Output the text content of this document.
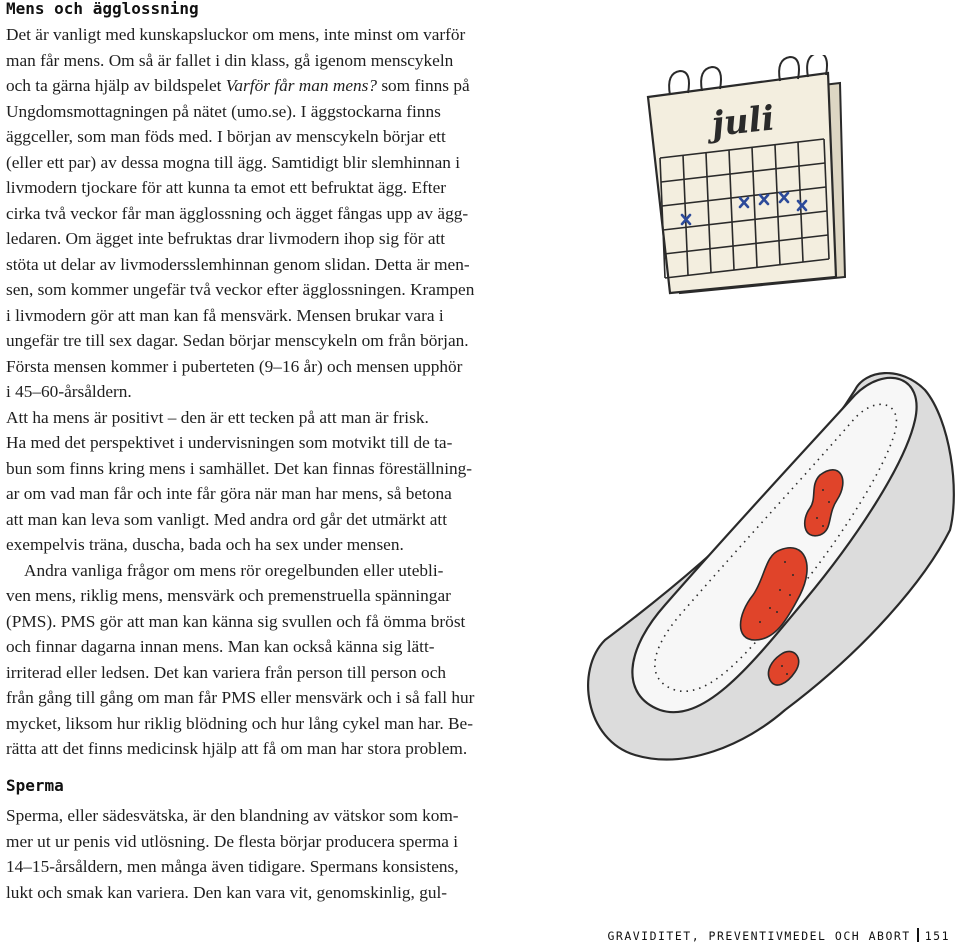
Mens och ägglossning
Det är vanligt med kunskapsluckor om mens, inte minst om varför
man får mens. Om så är fallet i din klass, gå igenom menscykeln
och ta gärna hjälp av bildspelet Varför får man mens? som finns på
Ungdomsmottagningen på nätet (umo.se). I äggstockarna finns
äggceller, som man föds med. I början av menscykeln börjar ett
(eller ett par) av dessa mogna till ägg. Samtidigt blir slemhinnan i
livmodern tjockare för att kunna ta emot ett befruktat ägg. Efter
cirka två veckor får man ägglossning och ägget fångas upp av ägg-
ledaren. Om ägget inte befruktas drar livmodern ihop sig för att
stöta ut delar av livmodersslemhinnan genom slidan. Detta är men-
sen, som kommer ungefär två veckor efter ägglossningen. Krampen
i livmodern gör att man kan få mensvärk. Mensen brukar vara i
ungefär tre till sex dagar. Sedan börjar menscykeln om från början.
Första mensen kommer i puberteten (9–16 år) och mensen upphör
i 45–60-årsåldern.
Att ha mens är positivt – den är ett tecken på att man är frisk.
Ha med det perspektivet i undervisningen som motvikt till de ta-
bun som finns kring mens i samhället. Det kan finnas föreställning-
ar om vad man får och inte får göra när man har mens, så betona
att man kan leva som vanligt. Med andra ord går det utmärkt att
exempelvis träna, duscha, bada och ha sex under mensen.
Andra vanliga frågor om mens rör oregelbunden eller utebli-
ven mens, riklig mens, mensvärk och premenstruella spänningar
(PMS). PMS gör att man kan känna sig svullen och få ömma bröst
och finnar dagarna innan mens. Man kan också känna sig lätt-
irriterad eller ledsen. Det kan variera från person till person och
från gång till gång om man får PMS eller mensvärk och i så fall hur
mycket, liksom hur riklig blödning och hur lång cykel man har. Be-
rätta att det finns medicinsk hjälp att få om man har stora problem.
Sperma
Sperma, eller sädesvätska, är den blandning av vätskor som kom-
mer ut ur penis vid utlösning. De flesta börjar producera sperma i
14–15-årsåldern, men många även tidigare. Spermans konsistens,
lukt och smak kan variera. Den kan vara vit, genomskinlig, gul-
juli
GRAVIDITET, PREVENTIVMEDEL OCH ABORT 151
